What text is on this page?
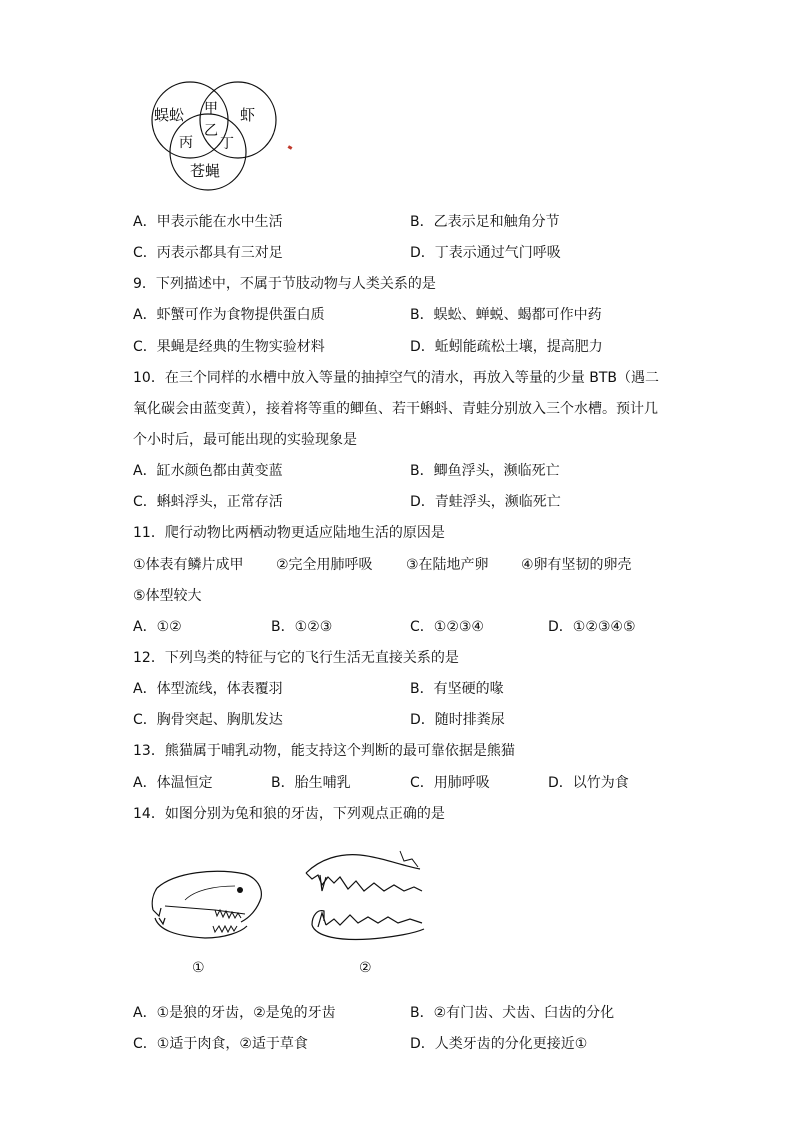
蜈蚣	虾
苍蝇
甲
乙
丙 丁
A．甲表示能在水中生活	B．乙表示足和触角分节
C．丙表示都具有三对足	D．丁表示通过气门呼吸
9．下列描述中，不属于节肢动物与人类关系的是
A．虾蟹可作为食物提供蛋白质	B．蜈蚣、蝉蜕、蝎都可作中药
C．果蝇是经典的生物实验材料	D．蚯蚓能疏松土壤，提高肥力
10．在三个同样的水槽中放入等量的抽掉空气的清水，再放入等量的少量 BTB（遇二
氧化碳会由蓝变黄），接着将等重的鲫鱼、若干蝌蚪、青蛙分别放入三个水槽。预计几
个小时后，最可能出现的实验现象是
A．缸水颜色都由黄变蓝	B．鲫鱼浮头，濒临死亡
C．蝌蚪浮头，正常存活	D．青蛙浮头，濒临死亡
11．爬行动物比两栖动物更适应陆地生活的原因是
①体表有鳞片成甲 ②完全用肺呼吸 ③在陆地产卵 ④卵有坚韧的卵壳
⑤体型较大
A．①②	B．①②③	C．①②③④	D．①②③④⑤
12．下列鸟类的特征与它的飞行生活无直接关系的是
A．体型流线，体表覆羽	B．有坚硬的喙
C．胸骨突起、胸肌发达	D．随时排粪尿
13．熊猫属于哺乳动物，能支持这个判断的最可靠依据是熊猫
A．体温恒定	B．胎生哺乳	C．用肺呼吸	D．以竹为食
14．如图分别为兔和狼的牙齿，下列观点正确的是
①	②
A．①是狼的牙齿，②是兔的牙齿	B．②有门齿、犬齿、臼齿的分化
C．①适于肉食，②适于草食	D．人类牙齿的分化更接近①
